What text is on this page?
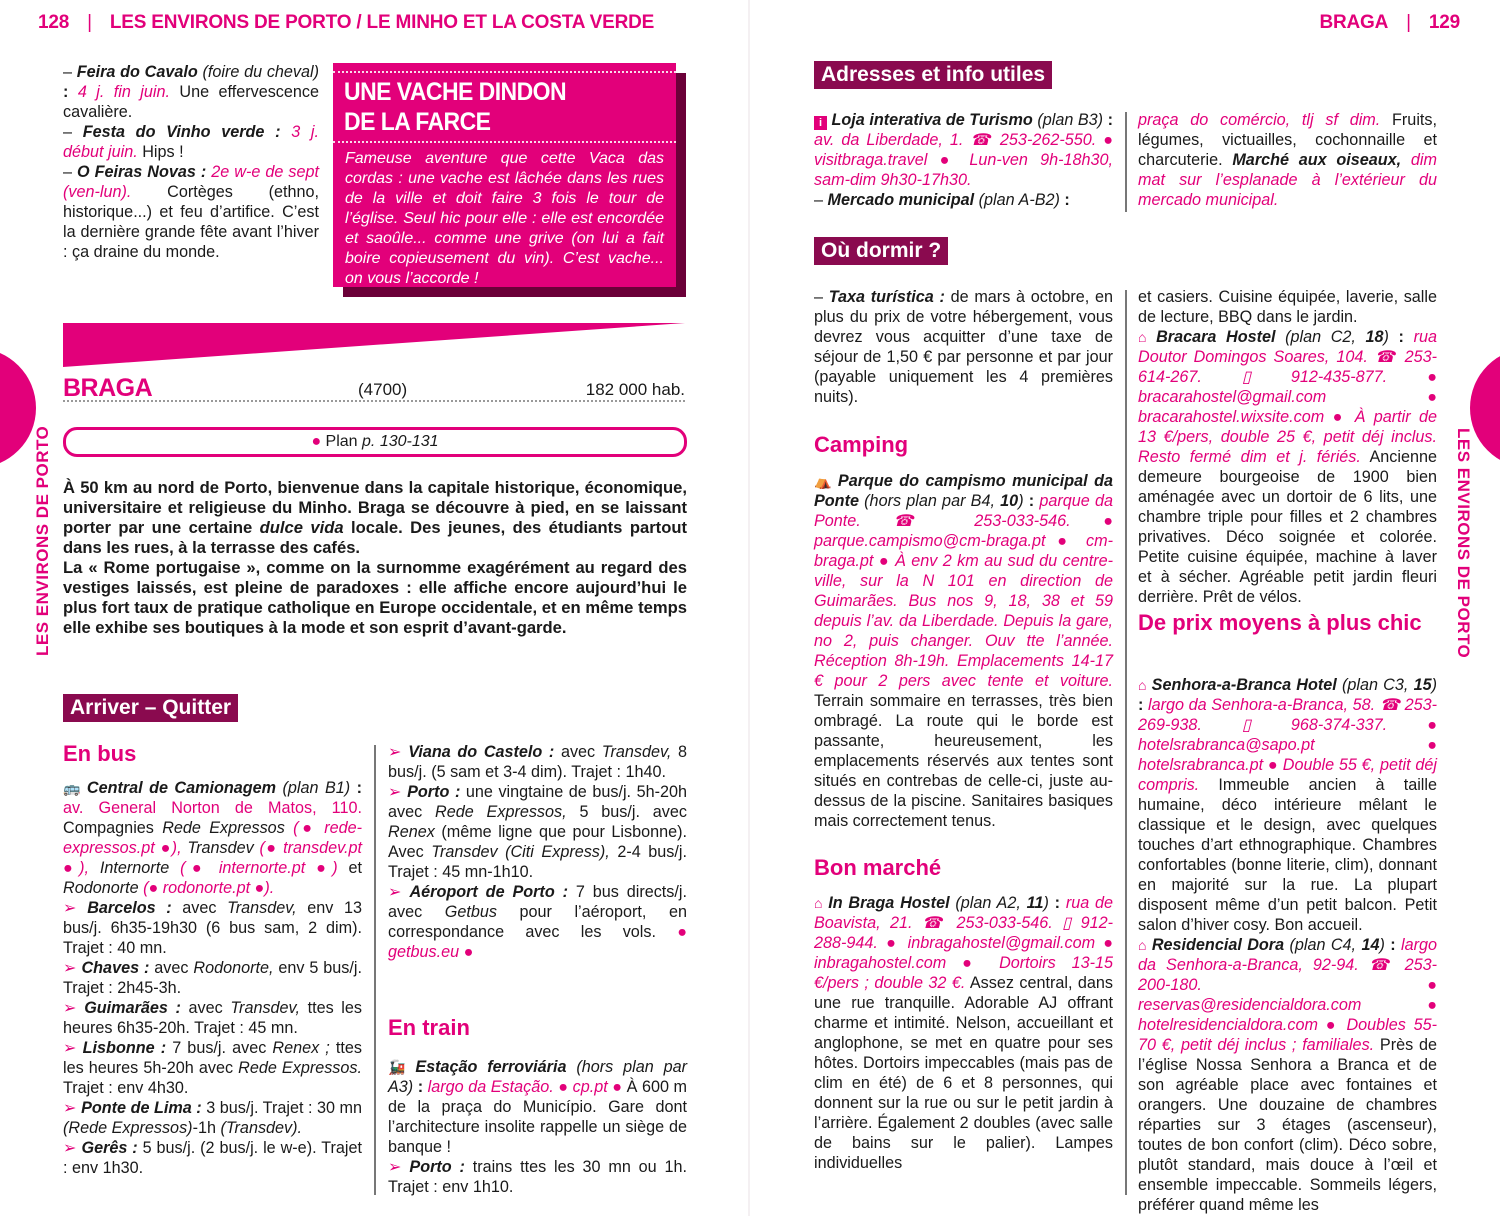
128 | LES ENVIRONS DE PORTO / LE MINHO ET LA COSTA VERDE
LES ENVIRONS DE PORTO

– Feira do Cavalo (foire du cheval) : 4 j. fin juin. Une effervescence cavalière.

– Festa do Vinho verde : 3 j. début juin. Hips !

– O Feiras Novas : 2e w-e de sept (ven-lun). Cortèges (ethno, historique...) et feu d’artifice. C’est la dernière grande fête avant l’hiver : ça draine du monde.

UNE VACHE DINDON
DE LA FARCE
Fameuse aventure que cette Vaca das cordas : une vache est lâchée dans les rues de la ville et doit faire 3 fois le tour de l’église. Seul hic pour elle : elle est encordée et saoûle... comme une grive (on lui a fait boire copieusement du vin). C’est vache... on vous l’accorde !
BRAGA	(4700)	182 000 hab.
● Plan p. 130-131

À 50 km au nord de Porto, bienvenue dans la capitale historique, économique, universitaire et religieuse du Minho. Braga se découvre à pied, en se laissant porter par une certaine dulce vida locale. Des jeunes, des étudiants partout dans les rues, à la terrasse des cafés.

La « Rome portugaise », comme on la surnomme exagérément au regard des vestiges laissés, est pleine de paradoxes : elle affiche encore aujourd’hui le plus fort taux de pratique catholique en Europe occidentale, et en même temps elle exhibe ses boutiques à la mode et son esprit d’avant-garde.

Arriver – Quitter
En bus

🚌 Central de Camionagem (plan B1) : av. General Norton de Matos, 110. Compagnies Rede Expressos (● rede-expressos.pt ●), Transdev (● transdev.pt ●), Internorte (● internorte.pt ●) et Rodonorte (● rodonorte.pt ●).

➢ Barcelos : avec Transdev, env 13 bus/j. 6h35-19h30 (6 bus sam, 2 dim). Trajet : 40 mn.

➢ Chaves : avec Rodonorte, env 5 bus/j. Trajet : 2h45-3h.

➢ Guimarães : avec Transdev, ttes les heures 6h35-20h. Trajet : 45 mn.

➢ Lisbonne : 7 bus/j. avec Renex ; ttes les heures 5h-20h avec Rede Expressos. Trajet : env 4h30.

➢ Ponte de Lima : 3 bus/j. Trajet : 30 mn (Rede Expressos)-1h (Transdev).

➢ Gerês : 5 bus/j. (2 bus/j. le w-e). Trajet : env 1h30.

➢ Viana do Castelo : avec Transdev, 8 bus/j. (5 sam et 3-4 dim). Trajet : 1h40.

➢ Porto : une vingtaine de bus/j. 5h-20h avec Rede Expressos, 5 bus/j. avec Renex (même ligne que pour Lisbonne). Avec Transdev (Citi Express), 2-4 bus/j. Trajet : 45 mn-1h10.

➢ Aéroport de Porto : 7 bus directs/j. avec Getbus pour l’aéroport, en correspondance avec les vols. ● getbus.eu ●

En train

🚂 Estação ferroviária (hors plan par A3) : largo da Estação. ● cp.pt ● À 600 m de la praça do Município. Gare dont l’architecture insolite rappelle un siège de banque !

➢ Porto : trains ttes les 30 mn ou 1h. Trajet : env 1h10.

BRAGA | 129
LES ENVIRONS DE PORTO
Adresses et info utiles

i Loja interativa de Turismo (plan B3) : av. da Liberdade, 1. ☎ 253-262-550. ● visitbraga.travel ● Lun-ven 9h-18h30, sam-dim 9h30-17h30.

– Mercado municipal (plan A-B2) :

praça do comércio, tlj sf dim. Fruits, légumes, victuailles, cochonnaille et charcuterie. Marché aux oiseaux, dim mat sur l’esplanade à l’extérieur du mercado municipal.

Où dormir ?

– Taxa turística : de mars à octobre, en plus du prix de votre hébergement, vous devrez vous acquitter d’une taxe de séjour de 1,50 € par personne et par jour (payable uniquement les 4 premières nuits).

Camping

⛺ Parque do campismo municipal da Ponte (hors plan par B4, 10) : parque da Ponte. ☎ 253-033-546. ● parque.campismo@cm-braga.pt ● cm-braga.pt ● À env 2 km au sud du centre-ville, sur la N 101 en direction de Guimarães. Bus nos 9, 18, 38 et 59 depuis l’av. da Liberdade. Depuis la gare, no 2, puis changer. Ouv tte l’année. Réception 8h-19h. Emplacements 14-17 € pour 2 pers avec tente et voiture. Terrain sommaire en terrasses, très bien ombragé. La route qui le borde est passante, heureusement, les emplacements réservés aux tentes sont situés en contrebas de celle-ci, juste au-dessus de la piscine. Sanitaires basiques mais correctement tenus.

Bon marché

⌂ In Braga Hostel (plan A2, 11) : rua de Boavista, 21. ☎ 253-033-546. ▯ 912-288-944. ● inbragahostel@gmail.com ● inbragahostel.com ● Dortoirs 13-15 €/pers ; double 32 €. Assez central, dans une rue tranquille. Adorable AJ offrant charme et intimité. Nelson, accueillant et anglophone, se met en quatre pour ses hôtes. Dortoirs impeccables (mais pas de clim en été) de 6 et 8 personnes, qui donnent sur la rue ou sur le petit jardin à l’arrière. Également 2 doubles (avec salle de bains sur le palier). Lampes individuelles

et casiers. Cuisine équipée, laverie, salle de lecture, BBQ dans le jardin.

⌂ Bracara Hostel (plan C2, 18) : rua Doutor Domingos Soares, 104. ☎ 253-614-267. ▯ 912-435-877. ● bracarahostel@gmail.com ● bracarahostel.wixsite.com ● À partir de 13 €/pers, double 25 €, petit déj inclus. Resto fermé dim et j. fériés. Ancienne demeure bourgeoise de 1900 bien aménagée avec un dortoir de 6 lits, une chambre triple pour filles et 2 chambres privatives. Déco soignée et colorée. Petite cuisine équipée, machine à laver et à sécher. Agréable petit jardin fleuri derrière. Prêt de vélos.

De prix moyens à plus chic

⌂ Senhora-a-Branca Hotel (plan C3, 15) : largo da Senhora-a-Branca, 58. ☎ 253-269-938. ▯ 968-374-337. ● hotelsrabranca@sapo.pt ● hotelsrabranca.pt ● Double 55 €, petit déj compris. Immeuble ancien à taille humaine, déco intérieure mêlant le classique et le design, avec quelques touches d’art ethnographique. Chambres confortables (bonne literie, clim), donnant en majorité sur la rue. La plupart disposent même d’un petit balcon. Petit salon d’hiver cosy. Bon accueil.

⌂ Residencial Dora (plan C4, 14) : largo da Senhora-a-Branca, 92-94. ☎ 253-200-180. ● reservas@residencialdora.com ● hotelresidencialdora.com ● Doubles 55-70 €, petit déj inclus ; familiales. Près de l’église Nossa Senhora a Branca et de son agréable place avec fontaines et orangers. Une douzaine de chambres réparties sur 3 étages (ascenseur), toutes de bon confort (clim). Déco sobre, plutôt standard, mais douce à l’œil et ensemble impeccable. Sommeils légers, préférer quand même les
